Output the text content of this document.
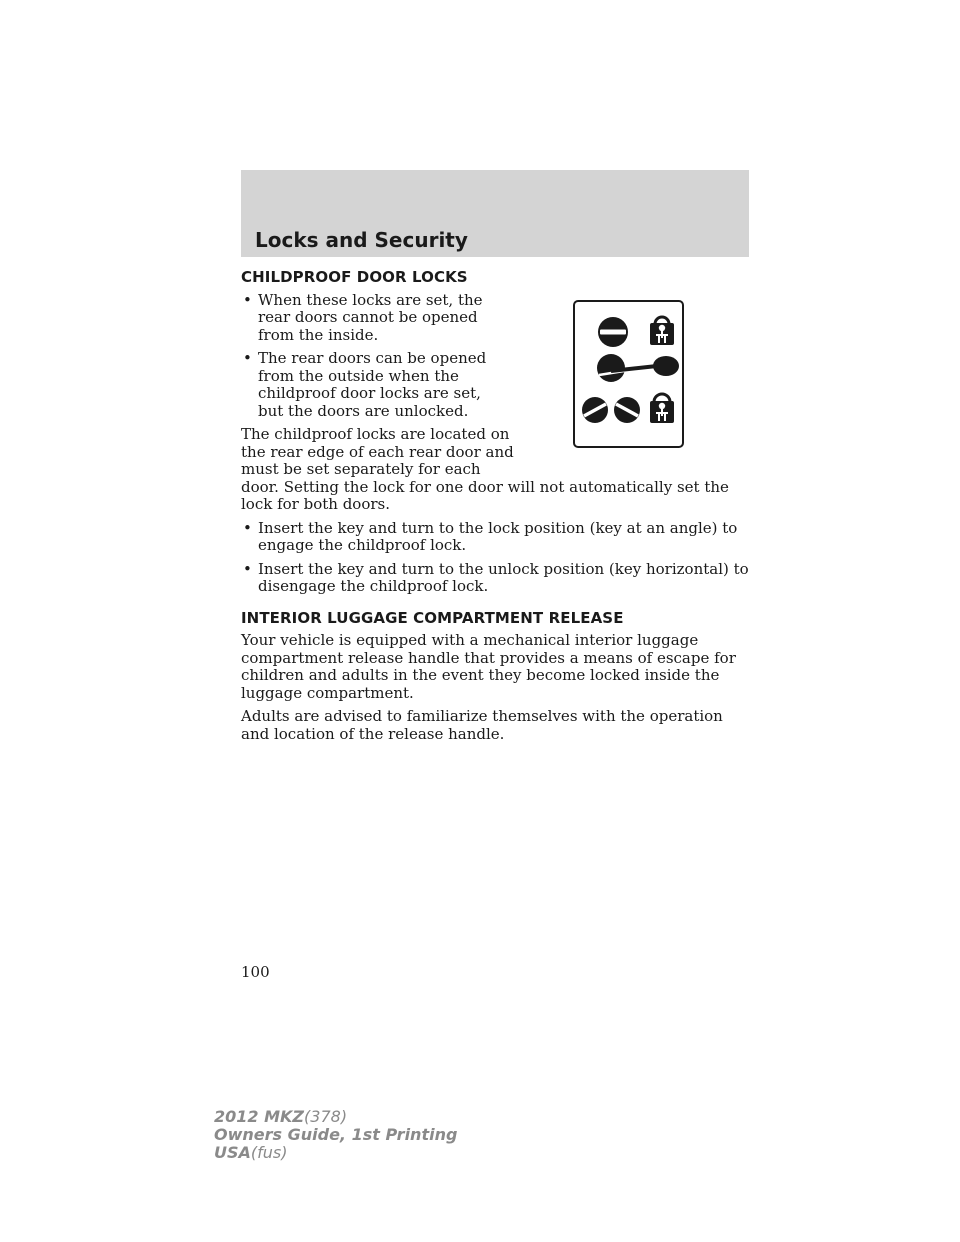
Locks and Security
CHILDPROOF DOOR LOCKS
• When these locks are set, the rear doors cannot be opened from the inside.
• The rear doors can be opened from the outside when the childproof door locks are set, but the doors are unlocked.

The childproof locks are located on
the rear edge of each rear door and
must be set separately for each
door. Setting the lock for one door will not automatically set the lock for both doors.

• Insert the key and turn to the lock position (key at an angle) to engage the childproof lock.
• Insert the key and turn to the unlock position (key horizontal) to disengage the childproof lock.
INTERIOR LUGGAGE COMPARTMENT RELEASE

Your vehicle is equipped with a mechanical interior luggage compartment release handle that provides a means of escape for children and adults in the event they become locked inside the luggage compartment.

Adults are advised to familiarize themselves with the operation and location of the release handle.

100
2012 MKZ(378)
Owners Guide, 1st Printing
USA(fus)
